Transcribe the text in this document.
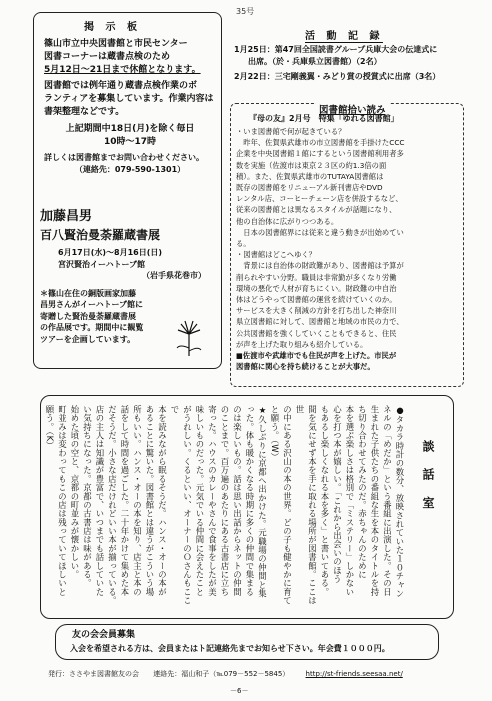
35号
掲 示 板
篠山市立中央図書館と市民センター
図書コーナーは蔵書点検のため
5月12日～21日まで休館となります。
図書館では例年通り蔵書点検作業のボ
ランティアを募集しています。作業内容は
書架整理などです。
上記期間中18日(月)を除く毎日
10時～17時
詳しくは図書館までお問い合わせください。
（連絡先：079-590-1301）
加藤昌男
百八賢治曼荼羅蔵書展
6月17日(水)～8月16日(日)
宮沢賢治イーハトーブ館
（岩手県花巻市）
＊篠山在住の銅版画家加藤
昌男さんがイーハトーブ館に
寄贈した賢治曼荼羅蔵書展
の作品展です。期間中に観覧
ツアーを企画しています。
活 動 記 録
1月25日：第47回全国読書グループ兵庫大会の伝達式に
出席。（於・兵庫県立図書館）（2名）
2月22日：三宅剛義翼・みどり賞の授賞式に出席（3名）
図書館拾い読み
『母の友』2月号　特集「ゆれる図書館」
・いま図書館で何が起きている？
　昨年、佐賀県武雄市の市立図書館を手掛けたCCC
企業を中央図書館１館にするという図書館利用者多
数を実施（佐渡市は東京２３区の約1.3倍の面
積）。また、佐賀県武雄市のTUTAYA図書館は
既存の図書館をリニューアル新刊書店やDVD
レンタル店、コーヒーチェーン店を併設するなど、
従来の図書館とは異なるスタイルが話題になり、
他の自治体に広がりつつある。
　日本の図書館界には従来と違う動きが出始めてい
る。
・図書館はどこへゆく？
　背景には自治体の財政難があり、図書館は予算が
削られやすい分野。職員は非常勤が多くなり労働
環境の悪化で人材が育ちにくい。財政難の中自治
体はどうやって図書館の運営を続けていくのか。
サービスを大きく削減の方針を打ち出した神奈川
県立図書館に対して、図書館と地域の市民の力で、
公共図書館を強くしていくこともできると、住民
が声を上げた取り組みも紹介している。
■佐渡市や武雄市でも住民が声を上げた。市民が
図書館に関心を持ち続けることが大事だ。
談 話 室
●タカラ時計の数分、放映されていた１０チャン
ネルの「めだか」という番組に出演した。その日
生まれた子供たちの番組な生を本のタイトルを持
ち切り合わせてみたのだ。赤ちゃんのために
本を選ぶ楽しさは格別で「ミステリー」しかない
心を打つ本が嬉しい。「これから出会いのほう
もあるし楽しくなれる本を多く」と書いてある。
間を気にせず本を手に取れる場所が図書館。ここは世
の中にある沢山の本の世界。どの子も健やかに育てと願う。（W）
★久しぶりに京都へ出かけた。元職場の仲間と集
った。体も暖かくなる時期に多くの仲間で集まる
のは楽しいもの。話は思い出話からネットの仲間
のことまで。百万遍のあたりにある古書店に立ち
寄った。ハウスのカレーやさんで食事をしたが美
味しいものだった。元気でいる仲間に会えたこと
がうれしい。くるといい、オーナーのＯさんもここで
本を読みながら眠るそうだ。ハンス・オーの本が
あることに驚いた。図書館とは違うがこういう場
所もいい。ハンス・オーの本を知り、店主と本の
話をして時間を過ごした。二十年かけて集めた本
だそうだ。小さな店だけれどいい本が揃っている。
店の主人は知識が豊富で、いつまでも話していた
い気持ちになった。京都の古書店は味がある。
始めた頃の空と、京都の町並みが懐かしい。
町並みは変わってもこの店は残っていてほしいと
願う。（K）
友の会会員募集
入会を希望される方は、会員またはト記連絡先までお知らせ下さい。年会費１０００円。
発行：ささやま図書館友の会 連絡先：福山和子（℡079－552－5845） http://st-friends.seesaa.net/
－6－
